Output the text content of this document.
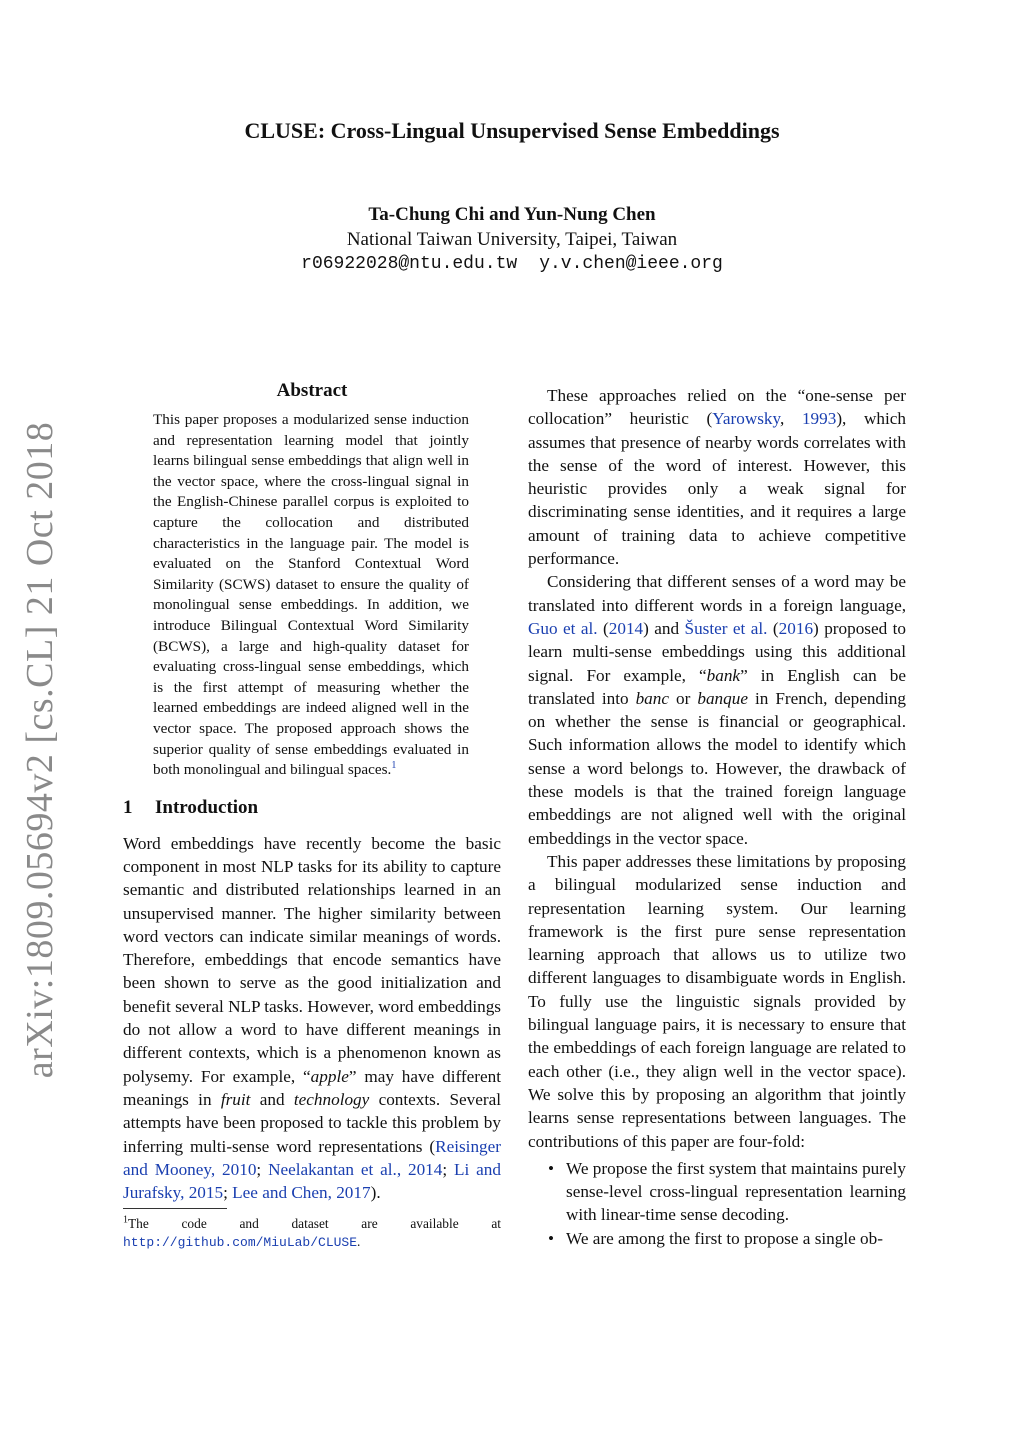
arXiv:1809.05694v2 [cs.CL] 21 Oct 2018
CLUSE: Cross-Lingual Unsupervised Sense Embeddings
Ta-Chung Chi and Yun-Nung Chen
National Taiwan University, Taipei, Taiwan
r06922028@ntu.edu.tw y.v.chen@ieee.org
Abstract
This paper proposes a modularized sense induction and representation learning model that jointly learns bilingual sense embeddings that align well in the vector space, where the cross-lingual signal in the English-Chinese parallel corpus is exploited to capture the collocation and distributed characteristics in the language pair. The model is evaluated on the Stanford Contextual Word Similarity (SCWS) dataset to ensure the quality of monolingual sense embeddings. In addition, we introduce Bilingual Contextual Word Similarity (BCWS), a large and high-quality dataset for evaluating cross-lingual sense embeddings, which is the first attempt of measuring whether the learned embeddings are indeed aligned well in the vector space. The proposed approach shows the superior quality of sense embeddings evaluated in both monolingual and bilingual spaces.$^1$
1 Introduction

Word embeddings have recently become the basic component in most NLP tasks for its ability to capture semantic and distributed relationships learned in an unsupervised manner. The higher similarity between word vectors can indicate similar meanings of words. Therefore, embeddings that encode semantics have been shown to serve as the good initialization and benefit several NLP tasks. However, word embeddings do not allow a word to have different meanings in different contexts, which is a phenomenon known as polysemy. For example, “apple” may have different meanings in fruit and technology contexts. Several attempts have been proposed to tackle this problem by inferring multi-sense word representations (Reisinger and Mooney, 2010; Neelakantan et al., 2014; Li and Jurafsky, 2015; Lee and Chen, 2017).

$^1$The code and dataset are available at http://github.com/MiuLab/CLUSE.

These approaches relied on the “one-sense per collocation” heuristic (Yarowsky, 1993), which assumes that presence of nearby words correlates with the sense of the word of interest. However, this heuristic provides only a weak signal for discriminating sense identities, and it requires a large amount of training data to achieve competitive performance.

Considering that different senses of a word may be translated into different words in a foreign language, Guo et al. (2014) and Šuster et al. (2016) proposed to learn multi-sense embeddings using this additional signal. For example, “bank” in English can be translated into banc or banque in French, depending on whether the sense is financial or geographical. Such information allows the model to identify which sense a word belongs to. However, the drawback of these models is that the trained foreign language embeddings are not aligned well with the original embeddings in the vector space.

This paper addresses these limitations by proposing a bilingual modularized sense induction and representation learning system. Our learning framework is the first pure sense representation learning approach that allows us to utilize two different languages to disambiguate words in English. To fully use the linguistic signals provided by bilingual language pairs, it is necessary to ensure that the embeddings of each foreign language are related to each other (i.e., they align well in the vector space). We solve this by proposing an algorithm that jointly learns sense representations between languages. The contributions of this paper are four-fold:

• We propose the first system that maintains purely sense-level cross-lingual representation learning with linear-time sense decoding.
• We are among the first to propose a single ob-
